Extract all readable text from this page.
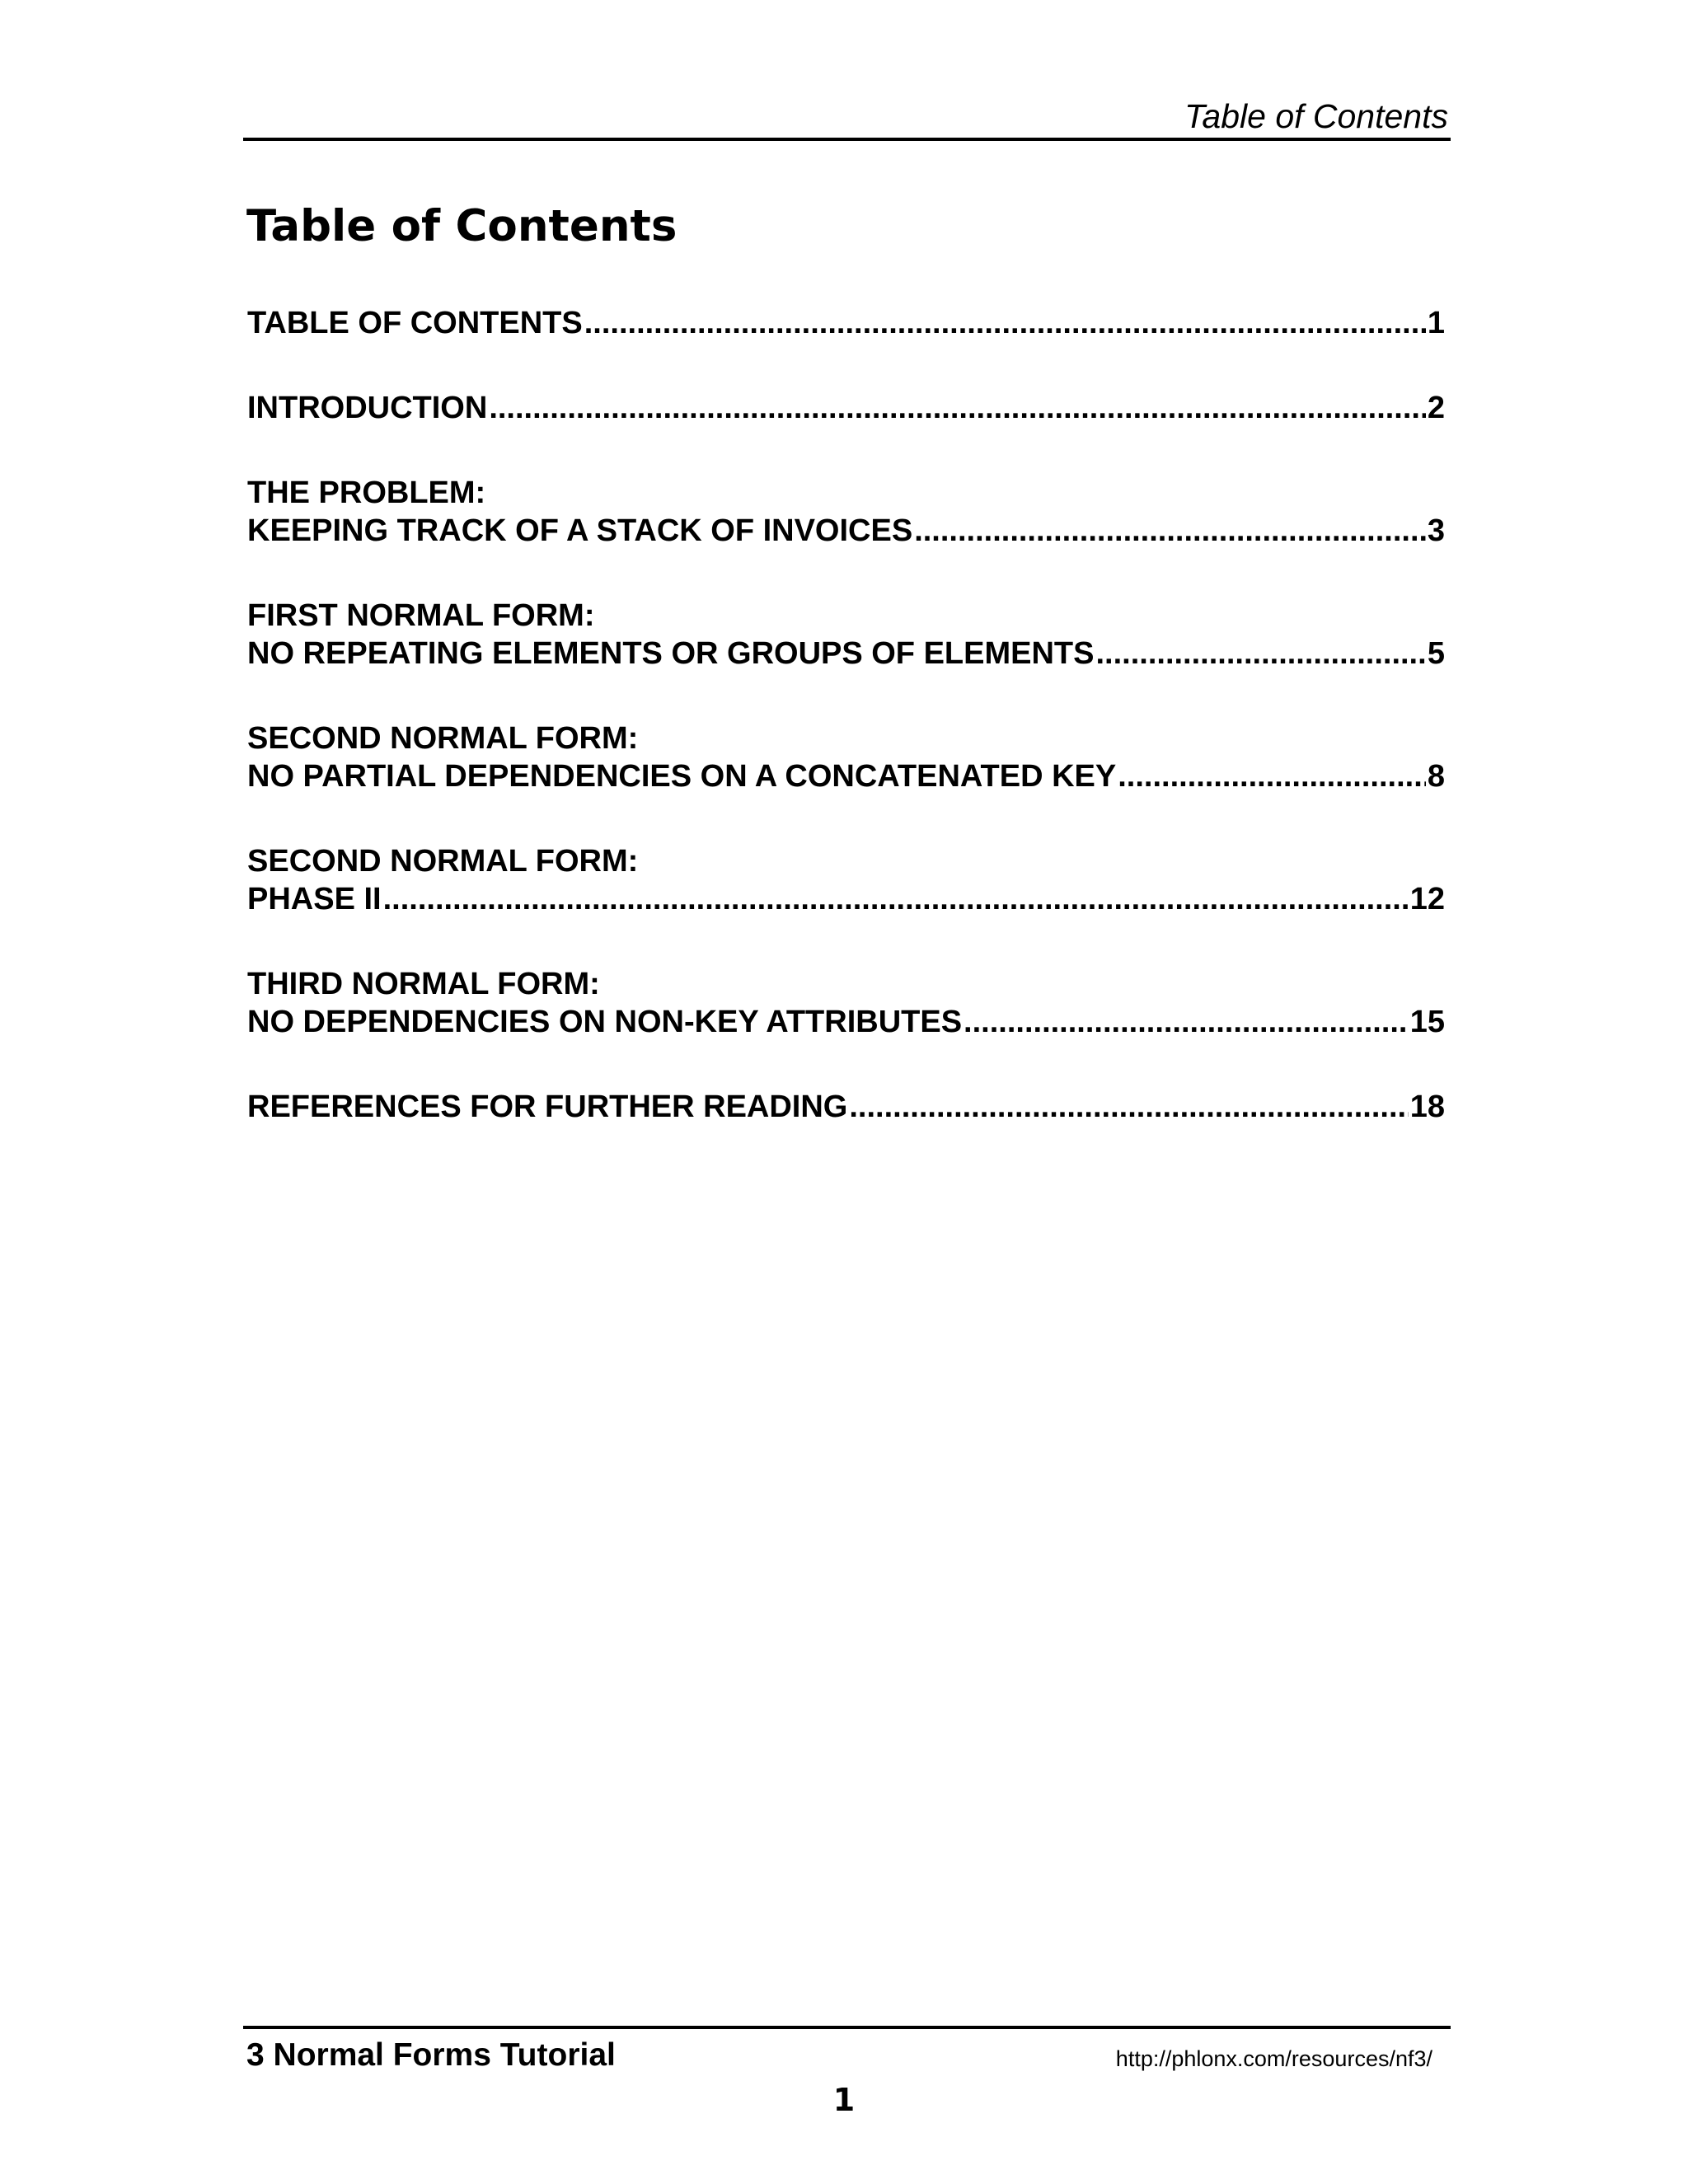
Table of Contents
Table of Contents
TABLE OF CONTENTS .....	1
INTRODUCTION .....	2
THE PROBLEM:
KEEPING TRACK OF A STACK OF INVOICES .....	3
FIRST NORMAL FORM:
NO REPEATING ELEMENTS OR GROUPS OF ELEMENTS .....	5
SECOND NORMAL FORM:
NO PARTIAL DEPENDENCIES ON A CONCATENATED KEY .....	8
SECOND NORMAL FORM:
PHASE II .....	12
THIRD NORMAL FORM:
NO DEPENDENCIES ON NON-KEY ATTRIBUTES .....	15
REFERENCES FOR FURTHER READING .....	18
3 Normal Forms Tutorial	http://phlonx.com/resources/nf3/
1
